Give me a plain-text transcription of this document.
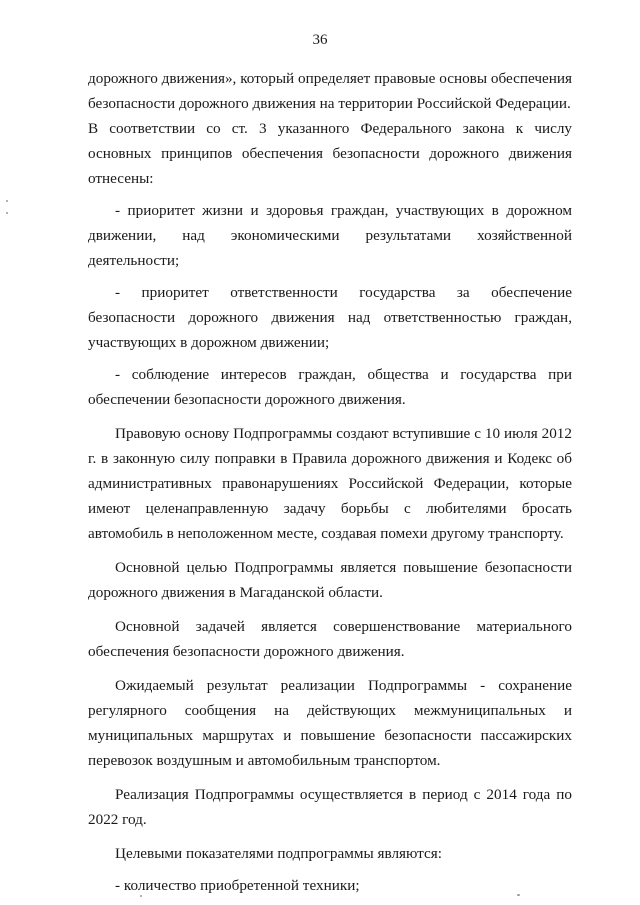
36

дорожного движения», который определяет правовые основы обеспечения безопасности дорожного движения на территории Российской Федерации.

В соответствии со ст. 3 указанного Федерального закона к числу основных принципов обеспечения безопасности дорожного движения отнесены:

- приоритет жизни и здоровья граждан, участвующих в дорожном движении, над экономическими результатами хозяйственной деятельности;

- приоритет ответственности государства за обеспечение безопасности дорожного движения над ответственностью граждан, участвующих в дорожном движении;

- соблюдение интересов граждан, общества и государства при обеспечении безопасности дорожного движения.

Правовую основу Подпрограммы создают вступившие с 10 июля 2012 г. в законную силу поправки в Правила дорожного движения и Кодекс об административных правонарушениях Российской Федерации, которые имеют целенаправленную задачу борьбы с любителями бросать автомобиль в неположенном месте, создавая помехи другому транспорту.

Основной целью Подпрограммы является повышение безопасности дорожного движения в Магаданской области.

Основной задачей является совершенствование материального обеспечения безопасности дорожного движения.

Ожидаемый результат реализации Подпрограммы - сохранение регулярного сообщения на действующих межмуниципальных и муниципальных маршрутах и повышение безопасности пассажирских перевозок воздушным и автомобильным транспортом.

Реализация Подпрограммы осуществляется в период с 2014 года по 2022 год.

Целевыми показателями подпрограммы являются:

- количество приобретенной техники;
